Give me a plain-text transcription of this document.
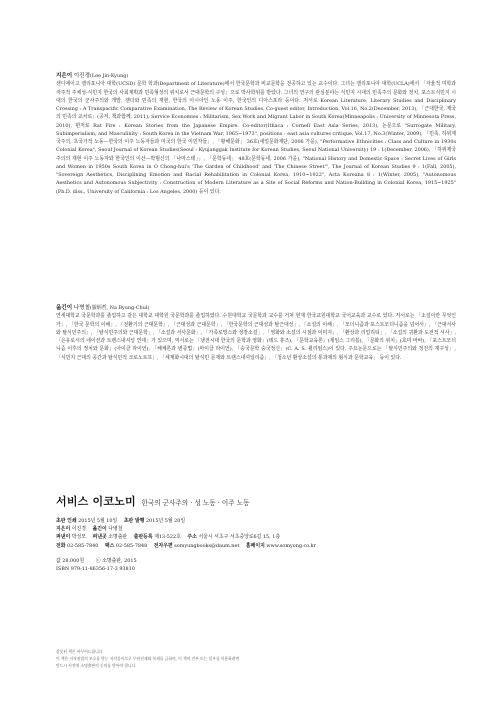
지은이 이진경(Lee Jin-Kyung)
샌디에이고 캘리포니아 대학(UCSD) 문학 학과(Department of Literature)에서 한국문학과 비교문학을 전공하고 있는 교수이다. 그녀는 캘리포니아 대학(UCLA)에서 「자율적 미학과 자주적 주체성-식민지 한국의 사회계획과 민족형성의 위치로서 근대문학의 구성」으로 박사학위를 받았다. 그녀의 연구의 관심분야는 식민지 시대의 민족주의 문화와 정치, 포스트식민지 시대의 한국의 군사주의와 개발, 젠더와 민족의 재현, 한국의 아시아인 노동 이주, 한국인의 디아스포라 등이다. 저서로 Korean Literature, Literary Studies and Disciplinary Crossing : A Transpacific Comparative Examination, The Review of Korean Studies, Co-guest editor, Introduction, Vol.16, No.2(December, 2013), 「근대한국, 제국의 민족의 교차로」(공저, 책과함께, 2011), Service Economies : Militarism, Sex Work and Migrant Labor in South Korea(Minneapolis : University of Minnesota Press, 2010), 편저로 Rat Fire : Korean Stories from the Japanese Empire. Co-editor(Ithaca : Cornell East Asia Series, 2013), 논문으로 "Surrogate Military, Subimperialism, and Masculinity : South Korea in the Vietnam War, 1965~1973", positions : east asia cultures critique, Vol.17, No.3(Winter, 2009), 「민족, 하위제국주의, 초국가적 노동—한국의 이주 노동자들과 미국의 한국 이민자들」, 「황해문화」 36호(새얼문화재단, 2006 가을), "Performative Ethnicities : Class and Culture in 1930s Colonial Korea", Seoul Journal of Korean Studies(Seoul : Kyujanggak Institute for Korean Studies, Seoul National University) 19 : 1(December, 2006), 「하위제국주의의 재현 이주 노동자와 한국인의 이산—박범신의 「나마스테」」, 「문학동네」 48호(문학동네, 2006 가을), "National History and Domestic Space : Secret Lives of Girls and Women in 1950s South Korea in O Chong-hui's 'The Garden of Childhood' and 'The Chinese Street'", The Journal of Korean Studies 9 : 1(Fall, 2005), "Sovereign Aesthetics, Disciplining Emotion and Racial Rehabilitation in Colonial Korea, 1910~1922", Acta Koreana 8 : 1(Winter, 2005), "Autonomous Aesthetics and Autonomous Subjectivity : Construction of Modern Literature as a Site of Social Reforms and Nation-Building in Colonial Korea, 1915~1925"(Ph.D. diss., University of California : Los Angeles, 2000) 등이 있다.
옮긴이 나병철(羅炳哲, Na Byung-Chul)
연세대학교 국문학과를 졸업하고 같은 대학교 대학원 국문학과를 졸업하였다. 수원대학교 국문학과 교수를 거쳐 현재 한국교원대학교 국어교육과 교수로 있다. 저서로는 「소설이란 무엇인가」, 「한국 문학의 이해」, 「전환기의 근대문학」, 「근대성과 근대문학」, 「한국문학의 근대성과 탈근대성」, 「소설의 이해」, 「모더니즘과 포스트모더니즘을 넘어서」, 「근대서사와 탈식민주의」, 「탈식민주의와 근대문학」, 「소설과 서사문화」, 「가족로망스와 성장소설」, 「영화와 소설의 시점과 이미지」, 「환상과 리얼리티」, 「소설의 귀환과 도전적 서사」, 「은유로서의 네이션과 트랜스내셔널 연대」가 있으며, 역서로는 「냉전시대 한국의 문학과 영화」(테드 휴즈), 「문학교육론」(제임스 그리블), 「문화의 위치」(호미 바바), 「포스트모더니즘 이후의 정치와 문화」(아이클 라이언), 「해체론과 변증법」(마이클 라이언), 「숭국문학 숭국정신」(C. A. S. 윌리엄스)이 있다. 주요논문으로는 「탈식민주의와 정전의 재구성」, 「식민지 근대의 공간과 탈식민적 크로노토프」, 「세계화시대의 탈식민 문제와 트랜스내셔널리즘」, 「청소년 환상소설의 통과제의 형식과 문학교육」 등이 있다.
서비스 이코노미 한국의 군사주의 · 성 노동 · 이주 노동
초판 인쇄 2015년 5월 10일 초판 발행 2015년 5월 20일
지은이 이진경 옮긴이 나병철
펴낸이 박성모 펴낸곳 소명출판 출판등록 제13-522호 주소 서울시 서초구 서초중앙로6길 15, 1층
전화 02-585-7840 팩스 02-585-7848 전자우편 somyungbooks@daum.net 홈페이지 www.somyong.co.kr
값 28,000원 ⓒ 소명출판, 2015
ISBN 979-11-86356-17-3 93810
잘못된 책은 바꾸어드립니다.
이 책은 저작권법의 보호를 받는 저작물이므로 무단전재와 복제를 금하며, 이 책의 전부 또는 일부를 이용하려면
반드시 사전에 소명출판의 동의를 받아야 합니다.
